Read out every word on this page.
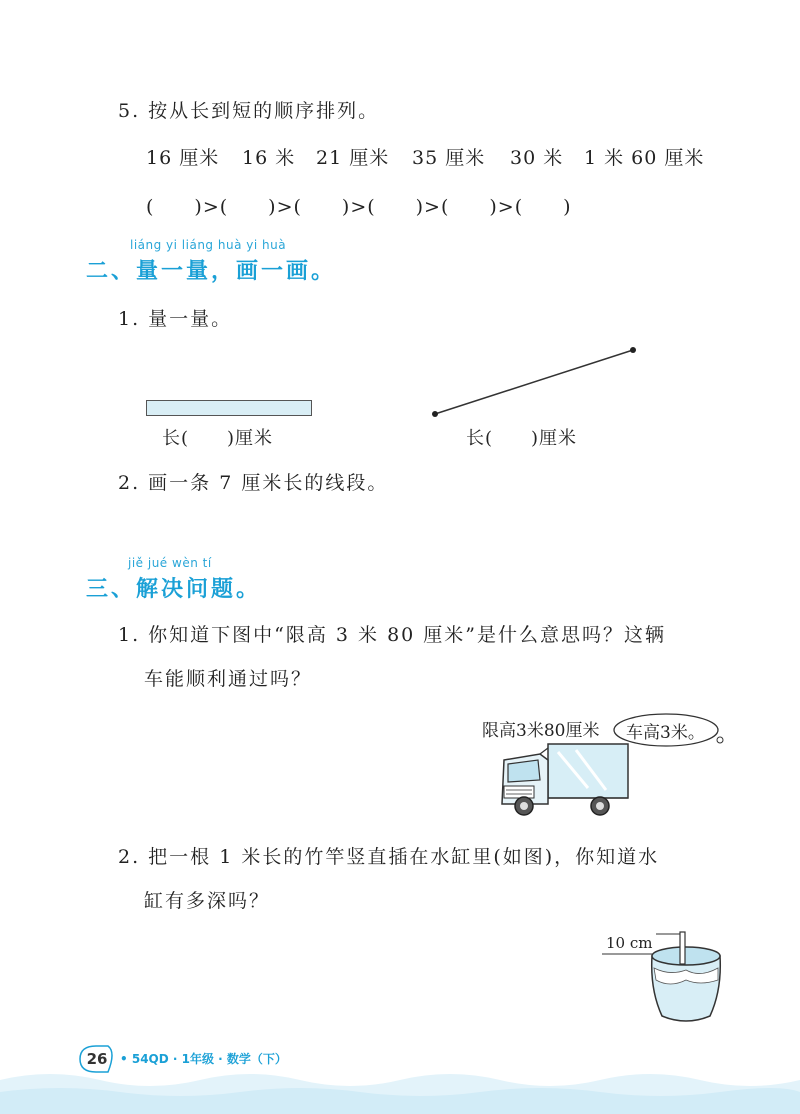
5. 按从长到短的顺序排列。
16 厘米 16 米 21 厘米 35 厘米 30 米 1 米 60 厘米
(　　)>(　　)>(　　)>(　　)>(　　)>(　　)
liáng yi liáng huà yi huà
二、量一量，画一画。
1. 量一量。
长(　　)厘米	长(　　)厘米
2. 画一条 7 厘米长的线段。
jiě jué wèn tí
三、解决问题。
1. 你知道下图中“限高 3 米 80 厘米”是什么意思吗？这辆
车能顺利通过吗？
限高3米80厘米 车高3米。
2. 把一根 1 米长的竹竿竖直插在水缸里(如图)，你知道水
缸有多深吗？
10 cm
26	• 54QD · 1年级 · 数学（下）
